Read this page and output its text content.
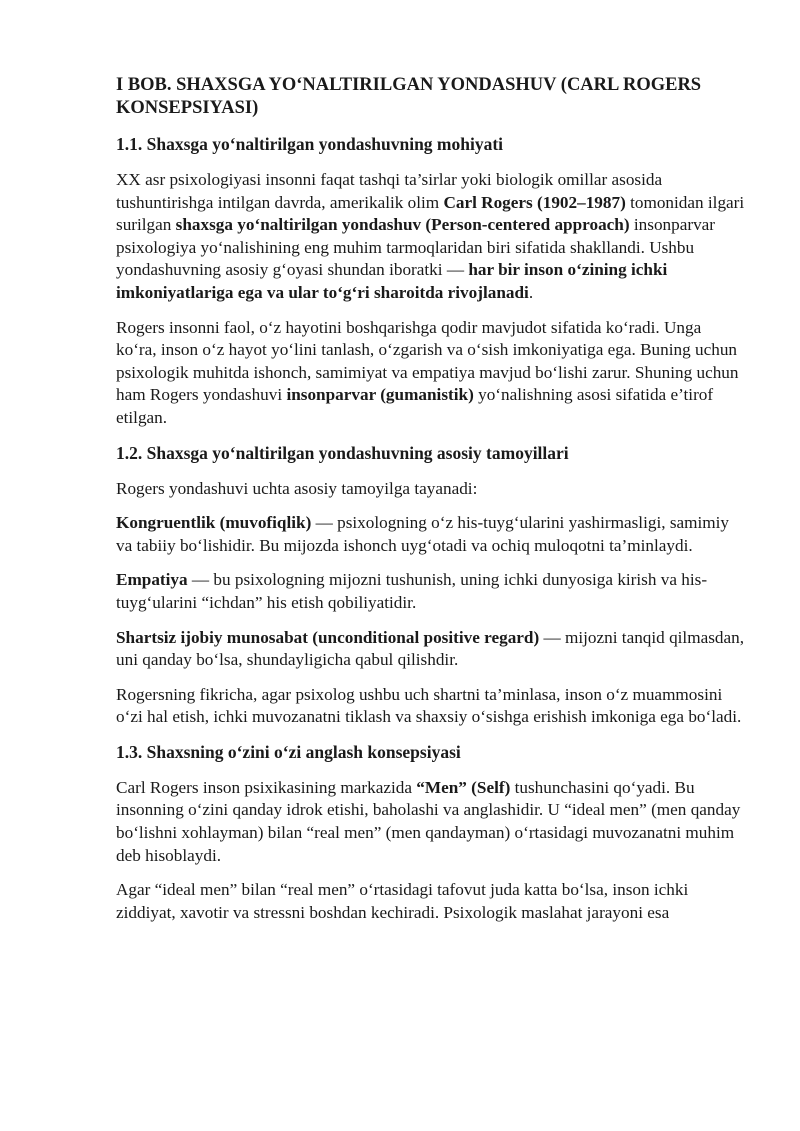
I BOB. SHAXSGA YO‘NALTIRILGAN YONDASHUV (CARL ROGERS KONSEPSIYASI)
1.1. Shaxsga yo‘naltirilgan yondashuvning mohiyati

XX asr psixologiyasi insonni faqat tashqi ta’sirlar yoki biologik omillar asosida tushuntirishga intilgan davrda, amerikalik olim Carl Rogers (1902–1987) tomonidan ilgari surilgan shaxsga yo‘naltirilgan yondashuv (Person-centered approach) insonparvar psixologiya yo‘nalishining eng muhim tarmoqlaridan biri sifatida shakllandi. Ushbu yondashuvning asosiy g‘oyasi shundan iboratki — har bir inson o‘zining ichki imkoniyatlariga ega va ular to‘g‘ri sharoitda rivojlanadi.

Rogers insonni faol, o‘z hayotini boshqarishga qodir mavjudot sifatida ko‘radi. Unga ko‘ra, inson o‘z hayot yo‘lini tanlash, o‘zgarish va o‘sish imkoniyatiga ega. Buning uchun psixologik muhitda ishonch, samimiyat va empatiya mavjud bo‘lishi zarur. Shuning uchun ham Rogers yondashuvi insonparvar (gumanistik) yo‘nalishning asosi sifatida e’tirof etilgan.

1.2. Shaxsga yo‘naltirilgan yondashuvning asosiy tamoyillari

Rogers yondashuvi uchta asosiy tamoyilga tayanadi:

Kongruentlik (muvofiqlik) — psixologning o‘z his-tuyg‘ularini yashirmasligi, samimiy va tabiiy bo‘lishidir. Bu mijozda ishonch uyg‘otadi va ochiq muloqotni ta’minlaydi.

Empatiya — bu psixologning mijozni tushunish, uning ichki dunyosiga kirish va his-tuyg‘ularini “ichdan” his etish qobiliyatidir.

Shartsiz ijobiy munosabat (unconditional positive regard) — mijozni tanqid qilmasdan, uni qanday bo‘lsa, shundayligicha qabul qilishdir.

Rogersning fikricha, agar psixolog ushbu uch shartni ta’minlasa, inson o‘z muammosini o‘zi hal etish, ichki muvozanatni tiklash va shaxsiy o‘sishga erishish imkoniga ega bo‘ladi.

1.3. Shaxsning o‘zini o‘zi anglash konsepsiyasi

Carl Rogers inson psixikasining markazida “Men” (Self) tushunchasini qo‘yadi. Bu insonning o‘zini qanday idrok etishi, baholashi va anglashidir. U “ideal men” (men qanday bo‘lishni xohlayman) bilan “real men” (men qandayman) o‘rtasidagi muvozanatni muhim deb hisoblaydi.

Agar “ideal men” bilan “real men” o‘rtasidagi tafovut juda katta bo‘lsa, inson ichki ziddiyat, xavotir va stressni boshdan kechiradi. Psixologik maslahat jarayoni esa
